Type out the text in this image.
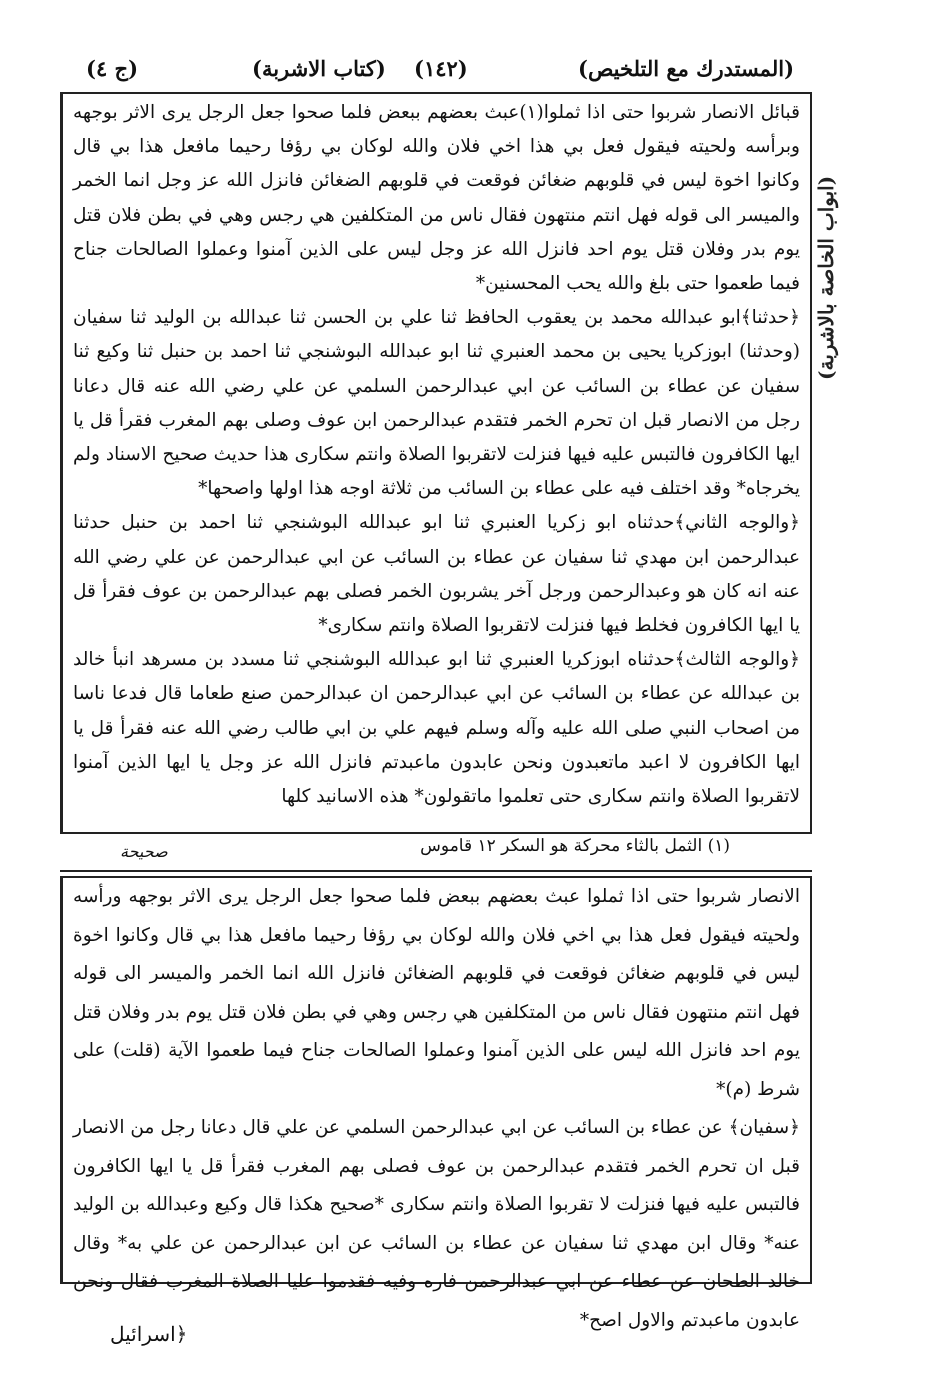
(المستدرك مع التلخيص)
(١٤٢)
(كتاب الاشربة)
(ج ٤)

قبائل الانصار شربوا حتى اذا ثملوا(١)عبث بعضهم ببعض فلما صحوا جعل الرجل يرى الاثر بوجهه وبرأسه ولحيته فيقول فعل بي هذا اخي فلان والله لوكان بي رؤفا رحيما مافعل هذا بي قال وكانوا اخوة ليس في قلوبهم ضغائن فوقعت في قلوبهم الضغائن فانزل الله عز وجل انما الخمر والميسر الى قوله فهل انتم منتهون فقال ناس من المتكلفين هي رجس وهي في بطن فلان قتل يوم بدر وفلان قتل يوم احد فانزل الله عز وجل ليس على الذين آمنوا وعملوا الصالحات جناح فيما طعموا حتى بلغ والله يحب المحسنين*

﴿حدثنا﴾ابو عبدالله محمد بن يعقوب الحافظ ثنا علي بن الحسن ثنا عبدالله بن الوليد ثنا سفيان (وحدثنا) ابوزكريا يحيى بن محمد العنبري ثنا ابو عبدالله البوشنجي ثنا احمد بن حنبل ثنا وكيع ثنا سفيان عن عطاء بن السائب عن ابي عبدالرحمن السلمي عن علي رضي الله عنه قال دعانا رجل من الانصار قبل ان تحرم الخمر فتقدم عبدالرحمن ابن عوف وصلى بهم المغرب فقرأ قل يا ايها الكافرون فالتبس عليه فيها فنزلت لاتقربوا الصلاة وانتم سكارى هذا حديث صحيح الاسناد ولم يخرجاه* وقد اختلف فيه على عطاء بن السائب من ثلاثة اوجه هذا اولها واصحها*

﴿والوجه الثاني﴾حدثناه ابو زكريا العنبري ثنا ابو عبدالله البوشنجي ثنا احمد بن حنبل حدثنا عبدالرحمن ابن مهدي ثنا سفيان عن عطاء بن السائب عن ابي عبدالرحمن عن علي رضي الله عنه انه كان هو وعبدالرحمن ورجل آخر يشربون الخمر فصلى بهم عبدالرحمن بن عوف فقرأ قل يا ايها الكافرون فخلط فيها فنزلت لاتقربوا الصلاة وانتم سكارى*

﴿والوجه الثالث﴾حدثناه ابوزكريا العنبري ثنا ابو عبدالله البوشنجي ثنا مسدد بن مسرهد انبأ خالد بن عبدالله عن عطاء بن السائب عن ابي عبدالرحمن ان عبدالرحمن صنع طعاما قال فدعا ناسا من اصحاب النبي صلى الله عليه وآله وسلم فيهم علي بن ابي طالب رضي الله عنه فقرأ قل يا ايها الكافرون لا اعبد ماتعبدون ونحن عابدون ماعبدتم فانزل الله عز وجل يا ايها الذين آمنوا لاتقربوا الصلاة وانتم سكارى حتى تعلموا ماتقولون* هذه الاسانيد كلها

(ابواب الخاصة بالاشربة)
(١) الثمل بالثاء محركة هو السكر ١٢ قاموس
صحيحة

الانصار شربوا حتى اذا ثملوا عبث بعضهم ببعض فلما صحوا جعل الرجل يرى الاثر بوجهه ورأسه ولحيته فيقول فعل هذا بي اخي فلان والله لوكان بي رؤفا رحيما مافعل هذا بي قال وكانوا اخوة ليس في قلوبهم ضغائن فوقعت في قلوبهم الضغائن فانزل الله انما الخمر والميسر الى قوله فهل انتم منتهون فقال ناس من المتكلفين هي رجس وهي في بطن فلان قتل يوم بدر وفلان قتل يوم احد فانزل الله ليس على الذين آمنوا وعملوا الصالحات جناح فيما طعموا الآية (قلت) على شرط (م)*

﴿سفيان﴾ عن عطاء بن السائب عن ابي عبدالرحمن السلمي عن علي قال دعانا رجل من الانصار قبل ان تحرم الخمر فتقدم عبدالرحمن بن عوف فصلى بهم المغرب فقرأ قل يا ايها الكافرون فالتبس عليه فيها فنزلت لا تقربوا الصلاة وانتم سكارى *صحيح هكذا قال وكيع وعبدالله بن الوليد عنه* وقال ابن مهدي ثنا سفيان عن عطاء بن السائب عن ابن عبدالرحمن عن علي به* وقال خالد الطحان عن عطاء عن ابي عبدالرحمن فاره وفيه فقدموا عليا الصلاة المغرب فقال ونحن عابدون ماعبدتم والاول اصح*

﴿اسرائيل
